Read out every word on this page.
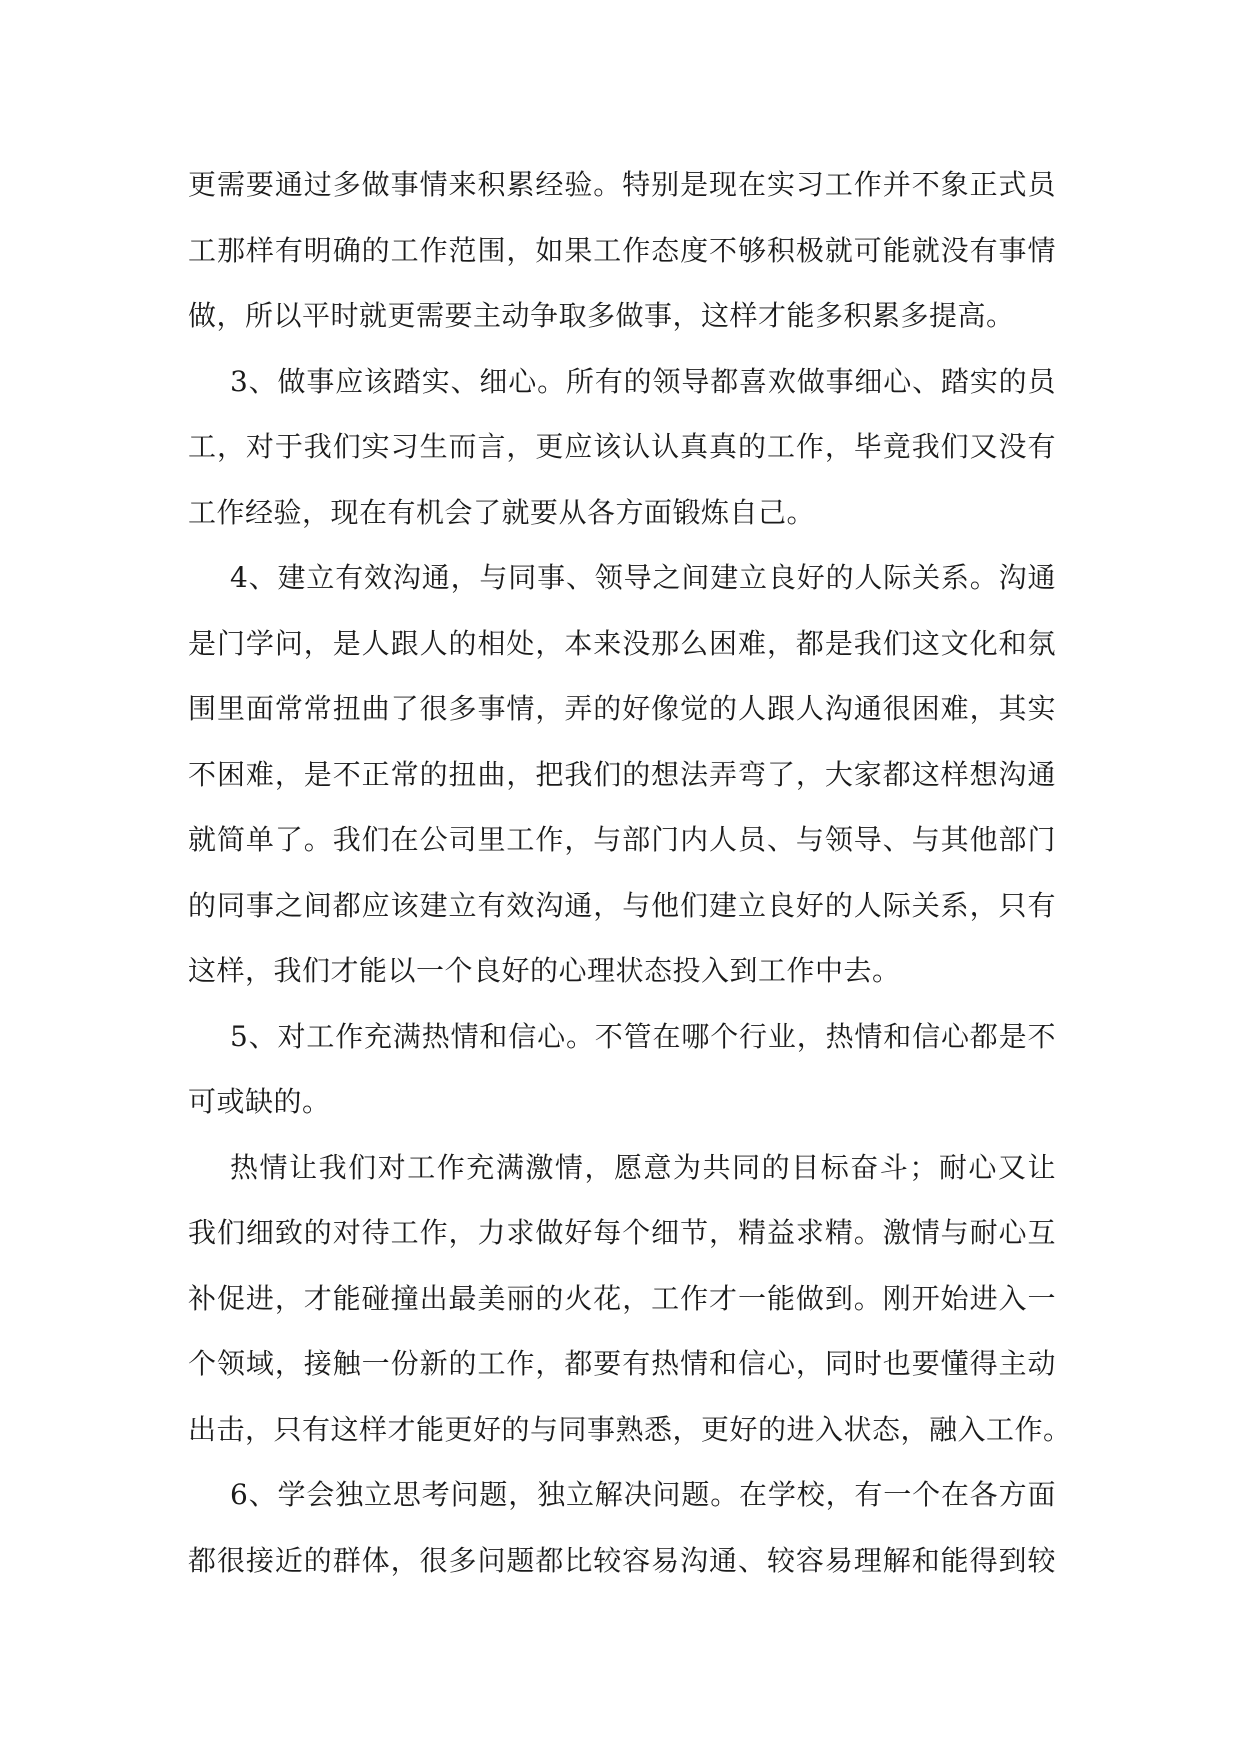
更需要通过多做事情来积累经验。特别是现在实习工作并不象正式员
工那样有明确的工作范围，如果工作态度不够积极就可能就没有事情
做，所以平时就更需要主动争取多做事，这样才能多积累多提高。
3、做事应该踏实、细心。所有的领导都喜欢做事细心、踏实的员
工，对于我们实习生而言，更应该认认真真的工作，毕竟我们又没有
工作经验，现在有机会了就要从各方面锻炼自己。
4、建立有效沟通，与同事、领导之间建立良好的人际关系。沟通
是门学问，是人跟人的相处，本来没那么困难，都是我们这文化和氛
围里面常常扭曲了很多事情，弄的好像觉的人跟人沟通很困难，其实
不困难，是不正常的扭曲，把我们的想法弄弯了，大家都这样想沟通
就简单了。我们在公司里工作，与部门内人员、与领导、与其他部门
的同事之间都应该建立有效沟通，与他们建立良好的人际关系，只有
这样，我们才能以一个良好的心理状态投入到工作中去。
5、对工作充满热情和信心。不管在哪个行业，热情和信心都是不
可或缺的。
热情让我们对工作充满激情，愿意为共同的目标奋斗；耐心又让
我们细致的对待工作，力求做好每个细节，精益求精。激情与耐心互
补促进，才能碰撞出最美丽的火花，工作才一能做到。刚开始进入一
个领域，接触一份新的工作，都要有热情和信心，同时也要懂得主动
出击，只有这样才能更好的与同事熟悉，更好的进入状态，融入工作。
6、学会独立思考问题，独立解决问题。在学校，有一个在各方面
都很接近的群体，很多问题都比较容易沟通、较容易理解和能得到较
